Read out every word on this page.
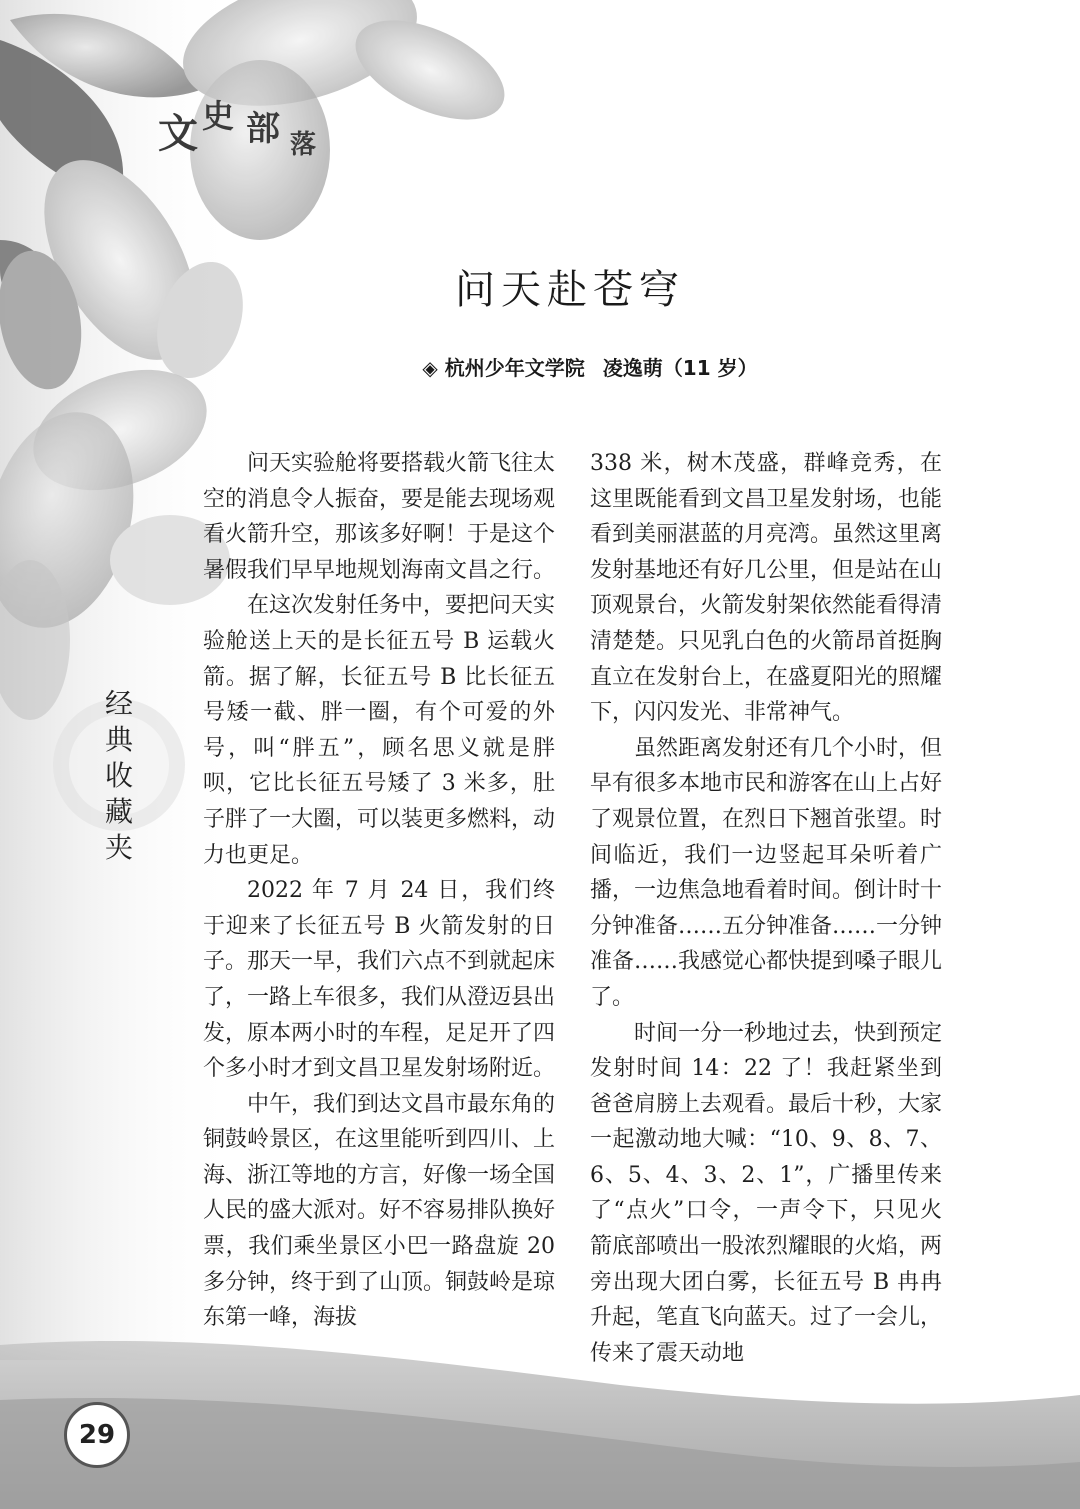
文 史 部 落
问天赴苍穹
◈ 杭州少年文学院 凌逸萌（11 岁）
经
典
收
藏
夹

问天实验舱将要搭载火箭飞往太空的消息令人振奋，要是能去现场观看火箭升空，那该多好啊！于是这个暑假我们早早地规划海南文昌之行。

在这次发射任务中，要把问天实验舱送上天的是长征五号 B 运载火箭。据了解，长征五号 B 比长征五号矮一截、胖一圈，有个可爱的外号，叫“胖五”，顾名思义就是胖呗，它比长征五号矮了 3 米多，肚子胖了一大圈，可以装更多燃料，动力也更足。

2022 年 7 月 24 日，我们终于迎来了长征五号 B 火箭发射的日子。那天一早，我们六点不到就起床了，一路上车很多，我们从澄迈县出发，原本两小时的车程，足足开了四个多小时才到文昌卫星发射场附近。

中午，我们到达文昌市最东角的铜鼓岭景区，在这里能听到四川、上海、浙江等地的方言，好像一场全国人民的盛大派对。好不容易排队换好票，我们乘坐景区小巴一路盘旋 20 多分钟，终于到了山顶。铜鼓岭是琼东第一峰，海拔

338 米，树木茂盛，群峰竞秀，在这里既能看到文昌卫星发射场，也能看到美丽湛蓝的月亮湾。虽然这里离发射基地还有好几公里，但是站在山顶观景台，火箭发射架依然能看得清清楚楚。只见乳白色的火箭昂首挺胸直立在发射台上，在盛夏阳光的照耀下，闪闪发光、非常神气。

虽然距离发射还有几个小时，但早有很多本地市民和游客在山上占好了观景位置，在烈日下翘首张望。时间临近，我们一边竖起耳朵听着广播，一边焦急地看着时间。倒计时十分钟准备……五分钟准备……一分钟准备……我感觉心都快提到嗓子眼儿了。

时间一分一秒地过去，快到预定发射时间 14：22 了！我赶紧坐到爸爸肩膀上去观看。最后十秒，大家一起激动地大喊：“10、9、8、7、6、5、4、3、2、1”，广播里传来了“点火”口令，一声令下，只见火箭底部喷出一股浓烈耀眼的火焰，两旁出现大团白雾，长征五号 B 冉冉升起，笔直飞向蓝天。过了一会儿，传来了震天动地

29
